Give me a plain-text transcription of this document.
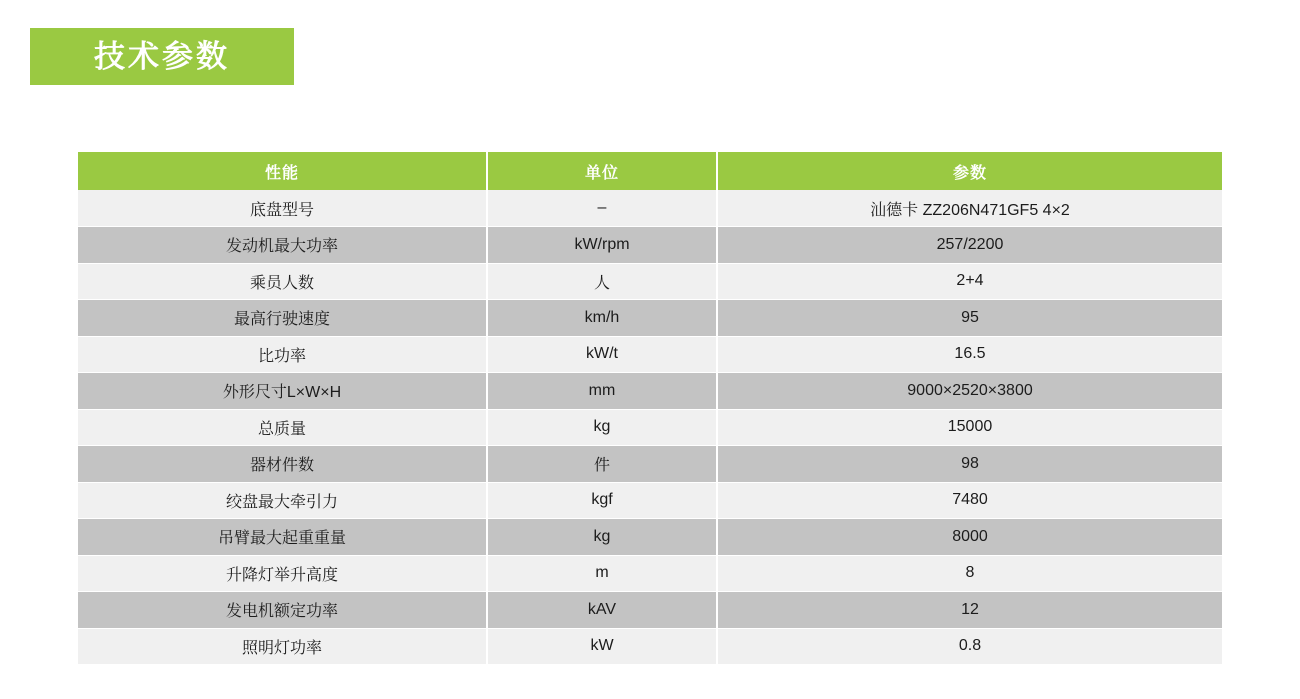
技术参数
性能	单位	参数
底盘型号	–	汕德卡 ZZ206N471GF5 4×2
发动机最大功率	kW/rpm	257/2200
乘员人数	人	2+4
最高行驶速度	km/h	95
比功率	kW/t	16.5
外形尺寸L×W×H	mm	9000×2520×3800
总质量	kg	15000
器材件数	件	98
绞盘最大牵引力	kgf	7480
吊臂最大起重重量	kg	8000
升降灯举升高度	m	8
发电机额定功率	kAV	12
照明灯功率	kW	0.8
